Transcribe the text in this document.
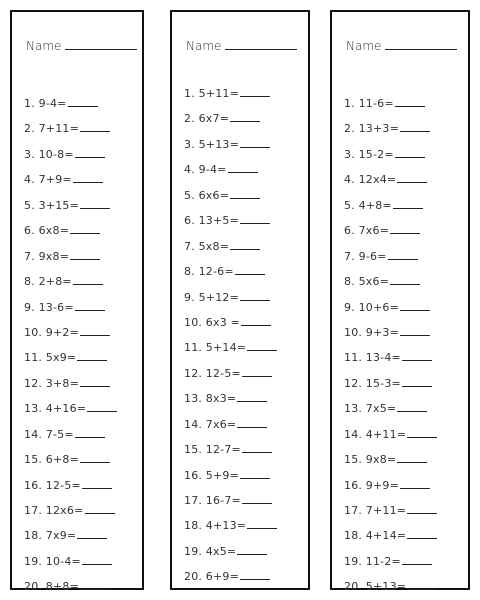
Name
1. 9-4=
2. 7+11=
3. 10-8=
4. 7+9=
5. 3+15=
6. 6x8=
7. 9x8=
8. 2+8=
9. 13-6=
10. 9+2=
11. 5x9=
12. 3+8=
13. 4+16=
14. 7-5=
15. 6+8=
16. 12-5=
17. 12x6=
18. 7x9=
19. 10-4=
20. 8+8=
Name
1. 5+11=
2. 6x7=
3. 5+13=
4. 9-4=
5. 6x6=
6. 13+5=
7. 5x8=
8. 12-6=
9. 5+12=
10. 6x3 =
11. 5+14=
12. 12-5=
13. 8x3=
14. 7x6=
15. 12-7=
16. 5+9=
17. 16-7=
18. 4+13=
19. 4x5=
20. 6+9=
Name
1. 11-6=
2. 13+3=
3. 15-2=
4. 12x4=
5. 4+8=
6. 7x6=
7. 9-6=
8. 5x6=
9. 10+6=
10. 9+3=
11. 13-4=
12. 15-3=
13. 7x5=
14. 4+11=
15. 9x8=
16. 9+9=
17. 7+11=
18. 4+14=
19. 11-2=
20. 5+13=
